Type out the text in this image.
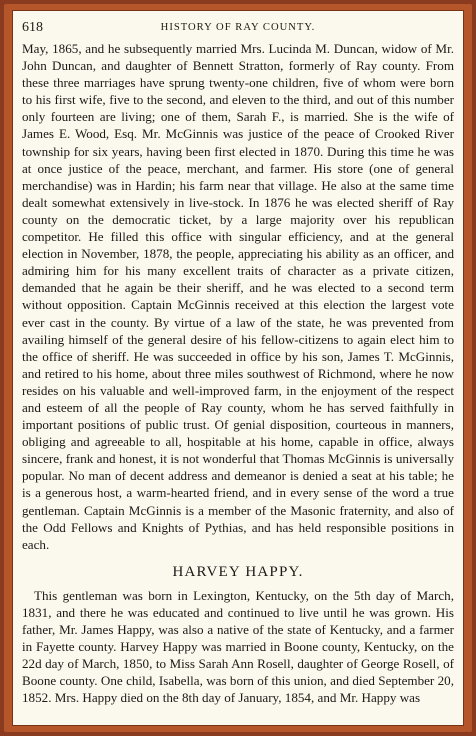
618	HISTORY OF RAY COUNTY.

May, 1865, and he subsequently married Mrs. Lucinda M. Duncan, widow of Mr. John Duncan, and daughter of Bennett Stratton, formerly of Ray county. From these three marriages have sprung twenty-one children, five of whom were born to his first wife, five to the second, and eleven to the third, and out of this number only fourteen are living; one of them, Sarah F., is married. She is the wife of James E. Wood, Esq. Mr. McGinnis was justice of the peace of Crooked River township for six years, having been first elected in 1870. During this time he was at once justice of the peace, merchant, and farmer. His store (one of general merchandise) was in Hardin; his farm near that village. He also at the same time dealt somewhat extensively in live-stock. In 1876 he was elected sheriff of Ray county on the democratic ticket, by a large majority over his republican competitor. He filled this office with singular efficiency, and at the general election in November, 1878, the people, appreciating his ability as an officer, and admiring him for his many excellent traits of character as a private citizen, demanded that he again be their sheriff, and he was elected to a second term without opposition. Captain McGinnis received at this election the largest vote ever cast in the county. By virtue of a law of the state, he was prevented from availing himself of the general desire of his fellow-citizens to again elect him to the office of sheriff. He was succeeded in office by his son, James T. McGinnis, and retired to his home, about three miles southwest of Richmond, where he now resides on his valuable and well-improved farm, in the enjoyment of the respect and esteem of all the people of Ray county, whom he has served faithfully in important positions of public trust. Of genial disposition, courteous in manners, obliging and agreeable to all, hospitable at his home, capable in office, always sincere, frank and honest, it is not wonderful that Thomas McGinnis is universally popular. No man of decent address and demeanor is denied a seat at his table; he is a generous host, a warm-hearted friend, and in every sense of the word a true gentleman. Captain McGinnis is a member of the Masonic fraternity, and also of the Odd Fellows and Knights of Pythias, and has held responsible positions in each.

HARVEY HAPPY.

This gentleman was born in Lexington, Kentucky, on the 5th day of March, 1831, and there he was educated and continued to live until he was grown. His father, Mr. James Happy, was also a native of the state of Kentucky, and a farmer in Fayette county. Harvey Happy was married in Boone county, Kentucky, on the 22d day of March, 1850, to Miss Sarah Ann Rosell, daughter of George Rosell, of Boone county. One child, Isabella, was born of this union, and died September 20, 1852. Mrs. Happy died on the 8th day of January, 1854, and Mr. Happy was
